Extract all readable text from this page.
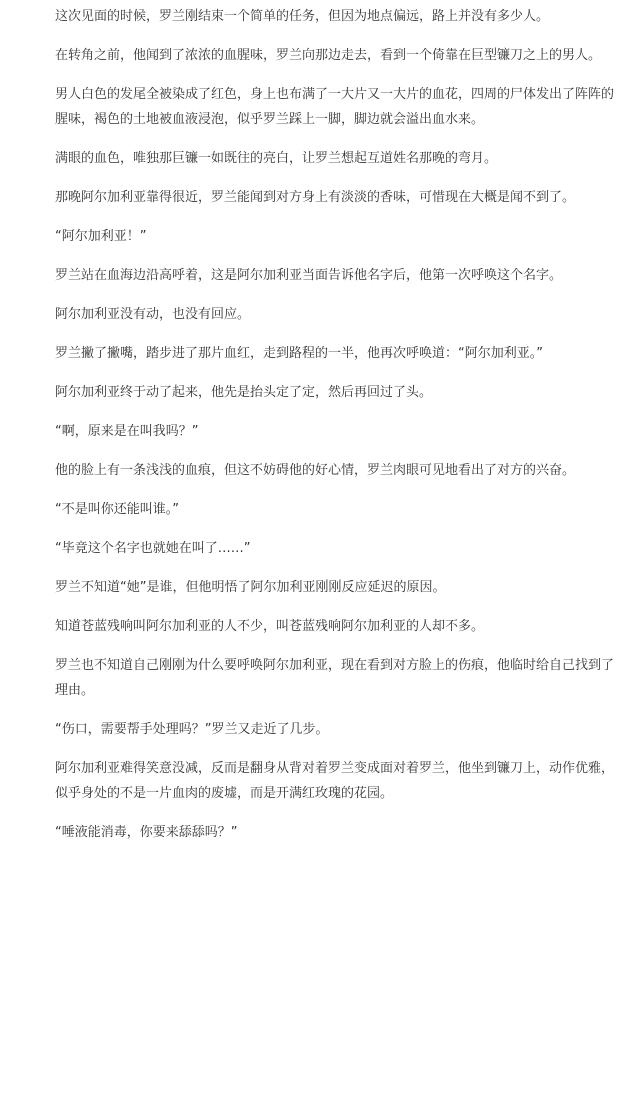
这次见面的时候，罗兰刚结束一个简单的任务，但因为地点偏远，路上并没有多少人。

在转角之前，他闻到了浓浓的血腥味，罗兰向那边走去，看到一个倚靠在巨型镰刀之上的男人。

男人白色的发尾全被染成了红色，身上也布满了一大片又一大片的血花，四周的尸体发出了阵阵的腥味，褐色的土地被血液浸泡，似乎罗兰踩上一脚，脚边就会溢出血水来。

满眼的血色，唯独那巨镰一如既往的亮白，让罗兰想起互道姓名那晚的弯月。

那晚阿尔加利亚靠得很近，罗兰能闻到对方身上有淡淡的香味，可惜现在大概是闻不到了。

“阿尔加利亚！”

罗兰站在血海边沿高呼着，这是阿尔加利亚当面告诉他名字后，他第一次呼唤这个名字。

阿尔加利亚没有动，也没有回应。

罗兰撇了撇嘴，踏步进了那片血红，走到路程的一半，他再次呼唤道：“阿尔加利亚。”

阿尔加利亚终于动了起来，他先是抬头定了定，然后再回过了头。

“啊，原来是在叫我吗？”

他的脸上有一条浅浅的血痕，但这不妨碍他的好心情，罗兰肉眼可见地看出了对方的兴奋。

“不是叫你还能叫谁。”

“毕竟这个名字也就她在叫了……”

罗兰不知道“她”是谁，但他明悟了阿尔加利亚刚刚反应延迟的原因。

知道苍蓝残响叫阿尔加利亚的人不少，叫苍蓝残响阿尔加利亚的人却不多。

罗兰也不知道自己刚刚为什么要呼唤阿尔加利亚，现在看到对方脸上的伤痕，他临时给自己找到了理由。

“伤口，需要帮手处理吗？”罗兰又走近了几步。

阿尔加利亚难得笑意没减，反而是翻身从背对着罗兰变成面对着罗兰，他坐到镰刀上，动作优雅，似乎身处的不是一片血肉的废墟，而是开满红玫瑰的花园。

“唾液能消毒，你要来舔舔吗？”
